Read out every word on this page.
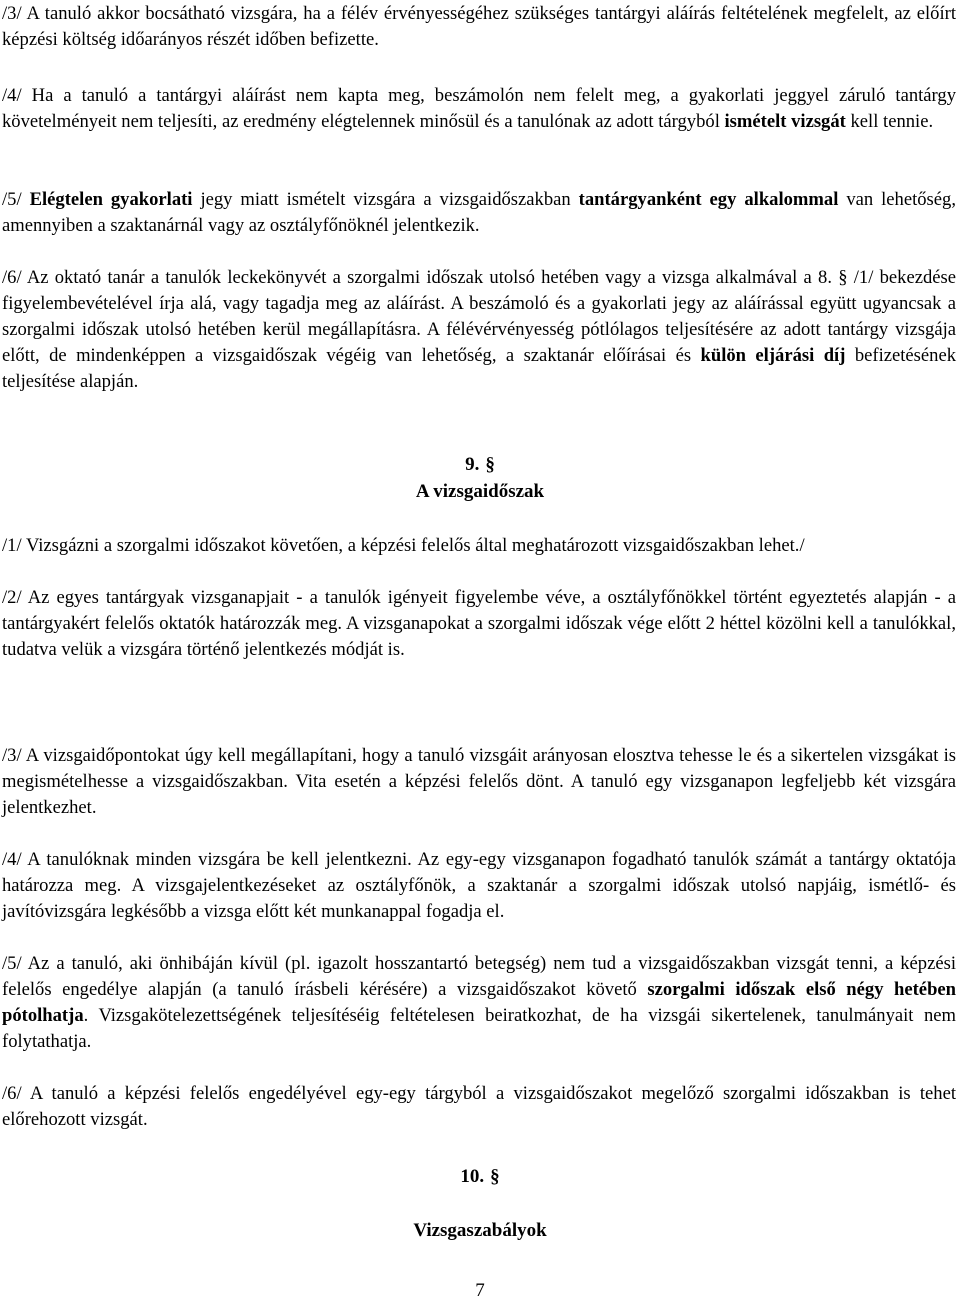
/3/ A tanuló akkor bocsátható vizsgára, ha a félév érvényességéhez szükséges tantárgyi aláírás feltételének megfelelt, az előírt képzési költség időarányos részét időben befizette.

/4/ Ha a tanuló a tantárgyi aláírást nem kapta meg, beszámolón nem felelt meg, a gyakorlati jeggyel záruló tantárgy követelményeit nem teljesíti, az eredmény elégtelennek minősül és a tanulónak az adott tárgyból ismételt vizsgát kell tennie.

/5/ Elégtelen gyakorlati jegy miatt ismételt vizsgára a vizsgaidőszakban tantárgyanként egy alkalommal van lehetőség, amennyiben a szaktanárnál vagy az osztályfőnöknél jelentkezik.

/6/ Az oktató tanár a tanulók leckekönyvét a szorgalmi időszak utolsó hetében vagy a vizsga alkalmával a 8. § /1/ bekezdése figyelembevételével írja alá, vagy tagadja meg az aláírást. A beszámoló és a gyakorlati jegy az aláírással együtt ugyancsak a szorgalmi időszak utolsó hetében kerül megállapításra. A félévérvényesség pótlólagos teljesítésére az adott tantárgy vizsgája előtt, de mindenképpen a vizsgaidőszak végéig van lehetőség, a szaktanár előírásai és külön eljárási díj befizetésének teljesítése alapján.

9. §
A vizsgaidőszak

/1/ Vizsgázni a szorgalmi időszakot követően, a képzési felelős által meghatározott vizsgaidőszakban lehet./

/2/ Az egyes tantárgyak vizsganapjait - a tanulók igényeit figyelembe véve, a osztályfőnökkel történt egyeztetés alapján - a tantárgyakért felelős oktatók határozzák meg. A vizsganapokat a szorgalmi időszak vége előtt 2 héttel közölni kell a tanulókkal, tudatva velük a vizsgára történő jelentkezés módját is.

/3/ A vizsgaidőpontokat úgy kell megállapítani, hogy a tanuló vizsgáit arányosan elosztva tehesse le és a sikertelen vizsgákat is megismételhesse a vizsgaidőszakban. Vita esetén a képzési felelős dönt. A tanuló egy vizsganapon legfeljebb két vizsgára jelentkezhet.

/4/ A tanulóknak minden vizsgára be kell jelentkezni. Az egy-egy vizsganapon fogadható tanulók számát a tantárgy oktatója határozza meg. A vizsgajelentkezéseket az osztályfőnök, a szaktanár a szorgalmi időszak utolsó napjáig, ismétlő- és javítóvizsgára legkésőbb a vizsga előtt két munkanappal fogadja el.

/5/ Az a tanuló, aki önhibáján kívül (pl. igazolt hosszantartó betegség) nem tud a vizsgaidőszakban vizsgát tenni, a képzési felelős engedélye alapján (a tanuló írásbeli kérésére) a vizsgaidőszakot követő szorgalmi időszak első négy hetében pótolhatja. Vizsgakötelezettségének teljesítéséig feltételesen beiratkozhat, de ha vizsgái sikertelenek, tanulmányait nem folytathatja.

/6/ A tanuló a képzési felelős engedélyével egy-egy tárgyból a vizsgaidőszakot megelőző szorgalmi időszakban is tehet előrehozott vizsgát.

10. §
Vizsgaszabályok
7
